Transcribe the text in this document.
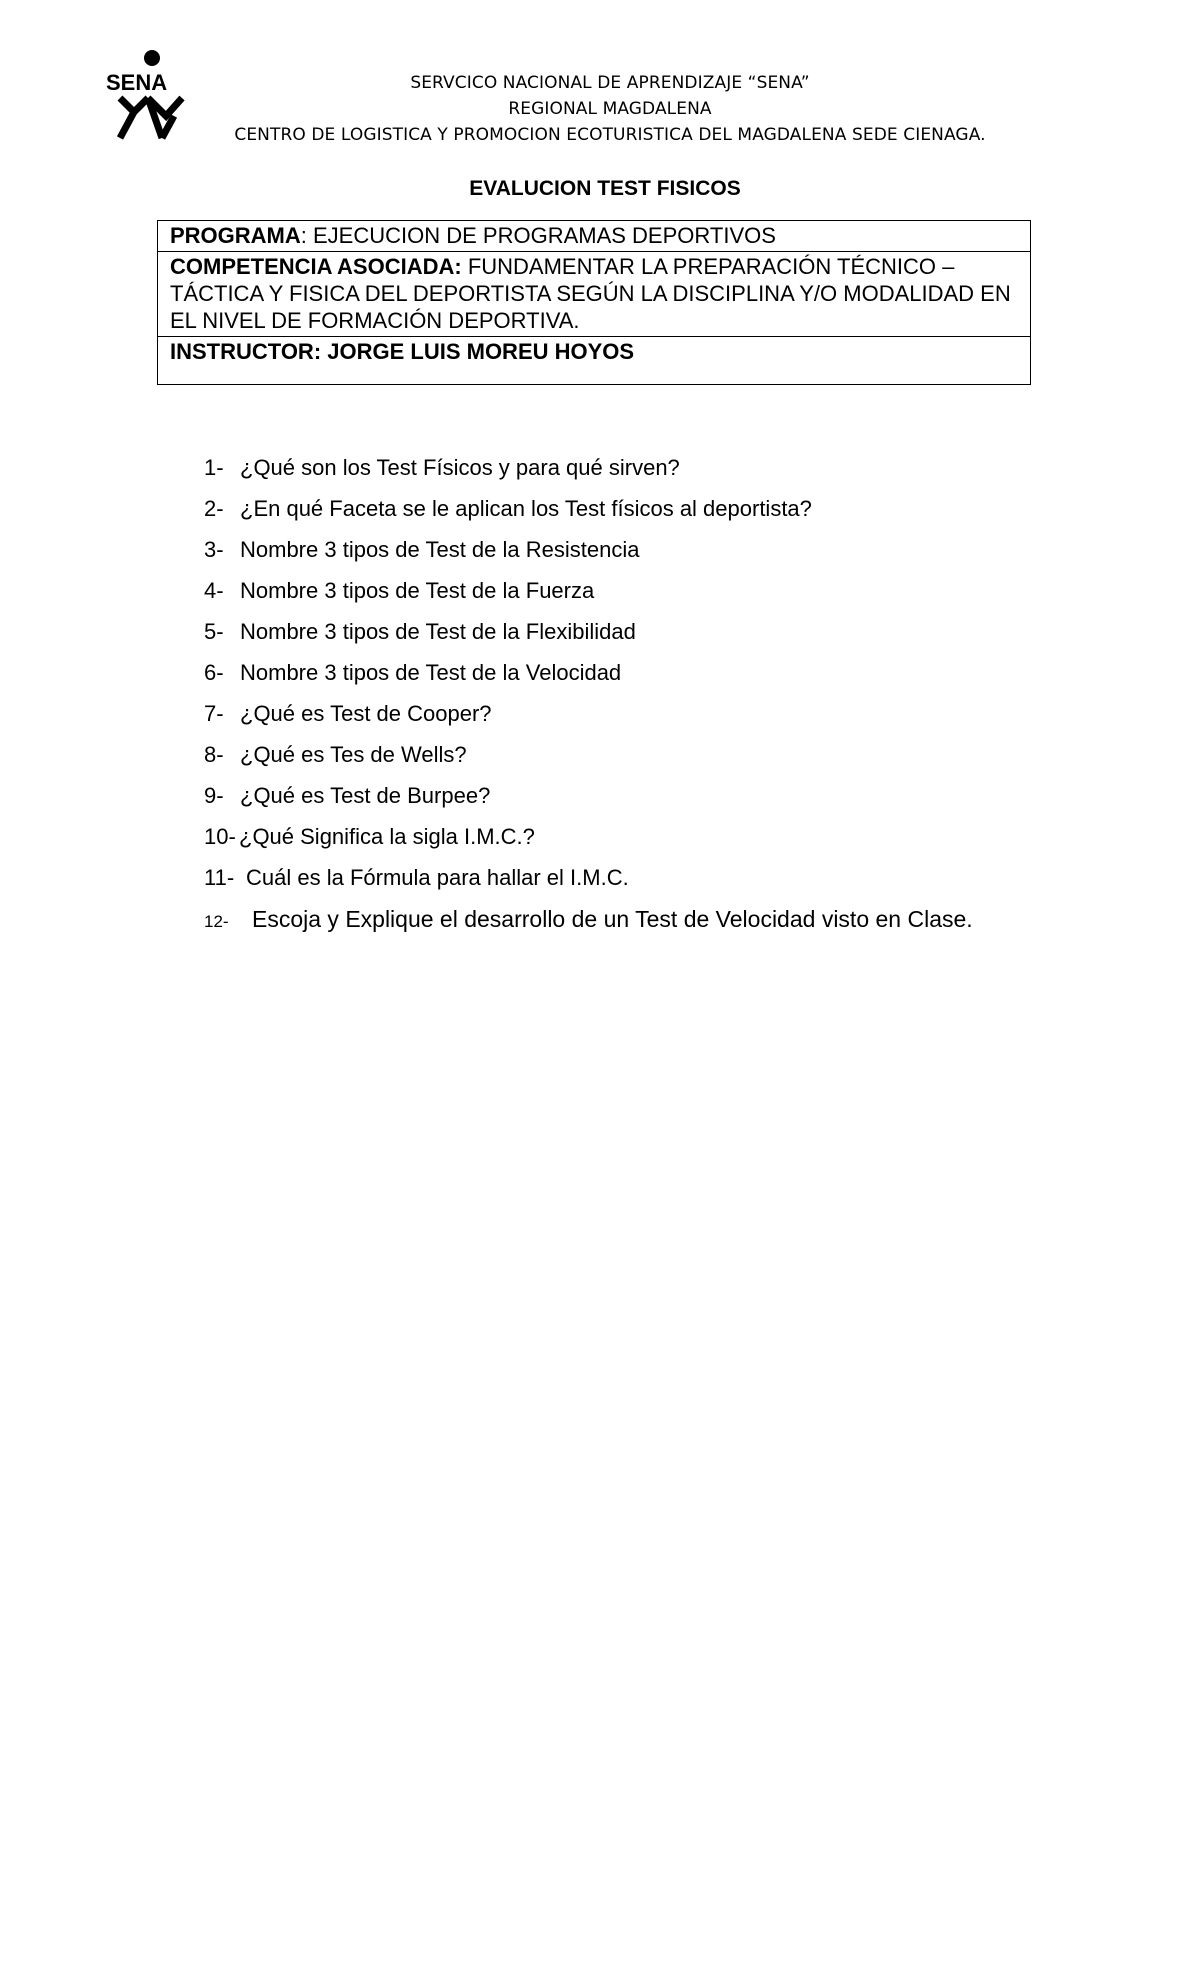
SENA	SERVCICO NACIONAL DE APRENDIZAJE “SENA”
REGIONAL MAGDALENA
CENTRO DE LOGISTICA Y PROMOCION ECOTURISTICA DEL MAGDALENA SEDE CIENAGA.
EVALUCION TEST FISICOS
PROGRAMA: EJECUCION DE PROGRAMAS DEPORTIVOS
COMPETENCIA ASOCIADA: FUNDAMENTAR LA PREPARACIÓN TÉCNICO – TÁCTICA Y FISICA DEL DEPORTISTA SEGÚN LA DISCIPLINA Y/O MODALIDAD EN EL NIVEL DE FORMACIÓN DEPORTIVA.
INSTRUCTOR: JORGE LUIS MOREU HOYOS
1- ¿Qué son los Test Físicos y para qué sirven?
2- ¿En qué Faceta se le aplican los Test físicos al deportista?
3- Nombre 3 tipos de Test de la Resistencia
4- Nombre 3 tipos de Test de la Fuerza
5- Nombre 3 tipos de Test de la Flexibilidad
6- Nombre 3 tipos de Test de la Velocidad
7- ¿Qué es Test de Cooper?
8- ¿Qué es Tes de Wells?
9- ¿Qué es Test de Burpee?
10- ¿Qué Significa la sigla I.M.C.?
11- Cuál es la Fórmula para hallar el I.M.C.
12- Escoja y Explique el desarrollo de un Test de Velocidad visto en Clase.
